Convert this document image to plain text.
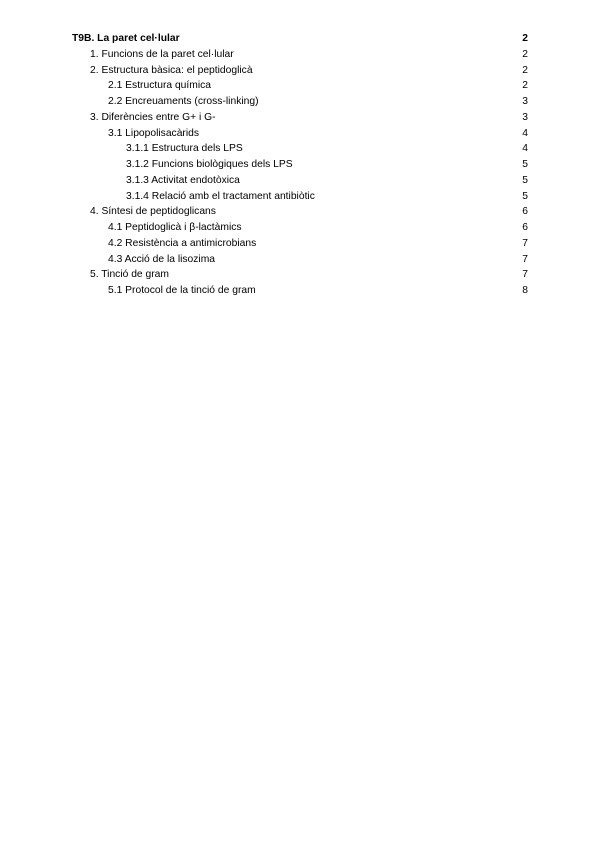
T9B. La paret cel·lular	2
1. Funcions de la paret cel·lular	2
2. Estructura bàsica: el peptidoglicà	2
2.1 Estructura química	2
2.2 Encreuaments (cross-linking)	3
3. Diferències entre G+ i G-	3
3.1 Lipopolisacàrids	4
3.1.1 Estructura dels LPS	4
3.1.2 Funcions biològiques dels LPS	5
3.1.3 Activitat endotòxica	5
3.1.4 Relació amb el tractament antibiòtic	5
4. Síntesi de peptidoglicans	6
4.1 Peptidoglicà i β-lactàmics	6
4.2 Resistència a antimicrobians	7
4.3 Acció de la lisozima	7
5. Tinció de gram	7
5.1 Protocol de la tinció de gram	8
